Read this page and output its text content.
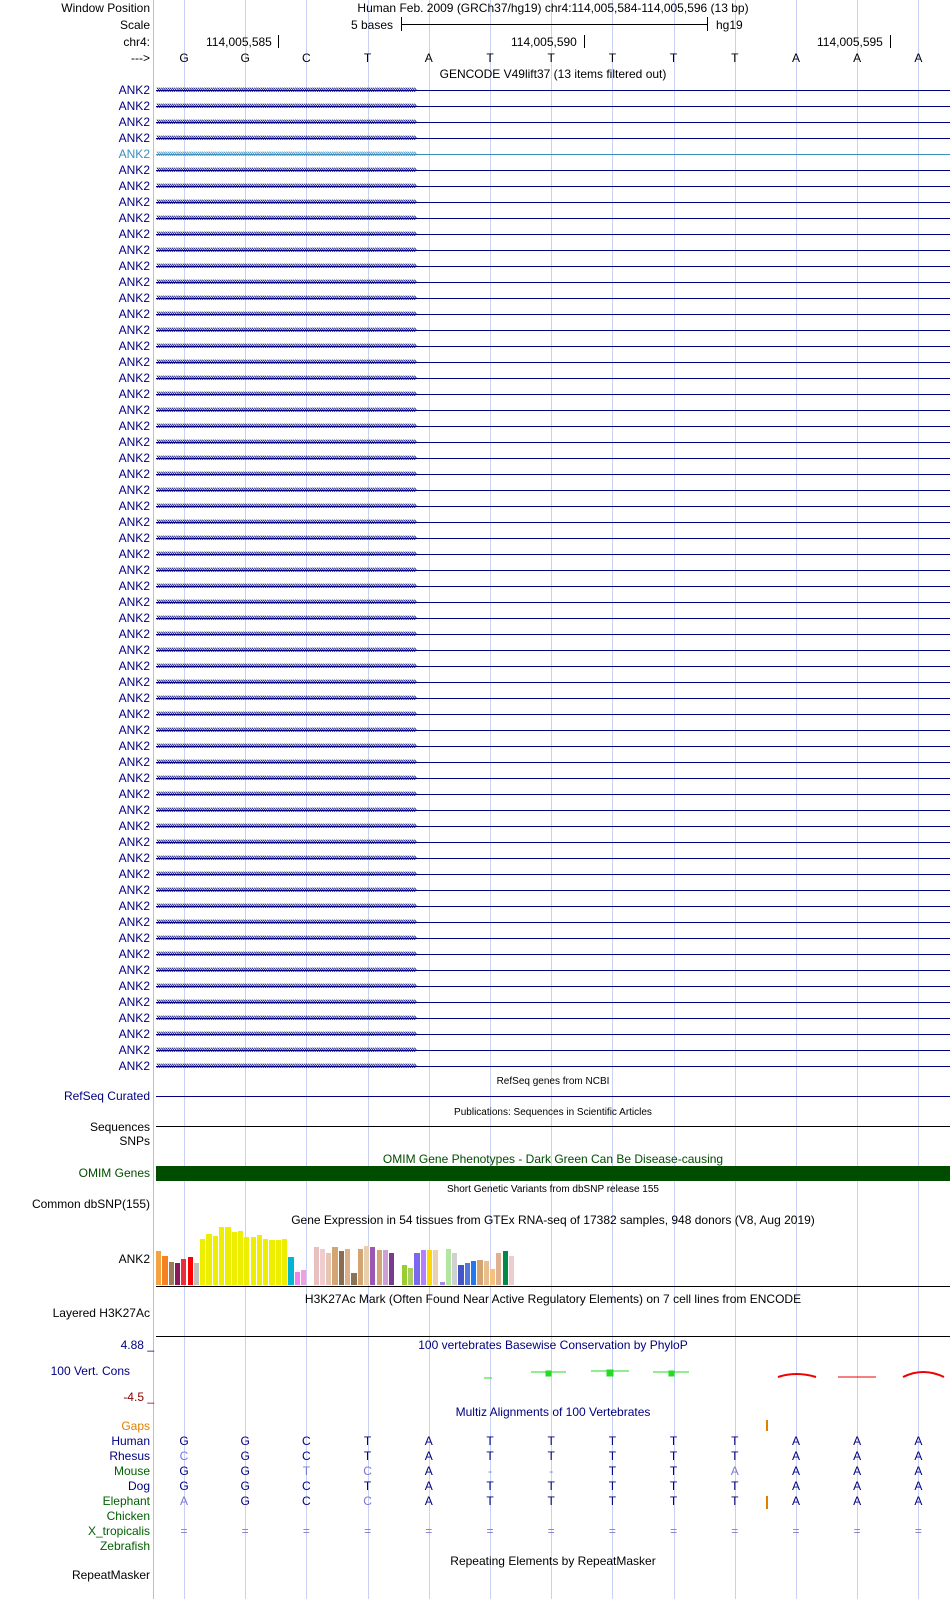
Window Position	Human Feb. 2009 (GRCh37/hg19) chr4:114,005,584-114,005,596 (13 bp)
Scale	5 bases	hg19
chr4:	114,005,585	114,005,590	114,005,595
--->	G	G	C	T	A	T	T	T	T	T	A	A	A
GENCODE V49lift37 (13 items filtered out)
ANK2 ››››››››››››››››››››››››››››››››››››››››››››››››››››››››››››››››››››››››››››››››››››››››››››››››››››››››››››››››››››››››
ANK2 ››››››››››››››››››››››››››››››››››››››››››››››››››››››››››››››››››››››››››››››››››››››››››››››››››››››››››››››››››››››››
ANK2 ››››››››››››››››››››››››››››››››››››››››››››››››››››››››››››››››››››››››››››››››››››››››››››››››››››››››››››››››››››››››
ANK2 ››››››››››››››››››››››››››››››››››››››››››››››››››››››››››››››››››››››››››››››››››››››››››››››››››››››››››››››››››››››››
ANK2 ››››››››››››››››››››››››››››››››››››››››››››››››››››››››››››››››››››››››››››››››››››››››››››››››››››››››››››››››››››››››
ANK2 ››››››››››››››››››››››››››››››››››››››››››››››››››››››››››››››››››››››››››››››››››››››››››››››››››››››››››››››››››››››››
ANK2 ››››››››››››››››››››››››››››››››››››››››››››››››››››››››››››››››››››››››››››››››››››››››››››››››››››››››››››››››››››››››
ANK2 ››››››››››››››››››››››››››››››››››››››››››››››››››››››››››››››››››››››››››››››››››››››››››››››››››››››››››››››››››››››››
ANK2 ››››››››››››››››››››››››››››››››››››››››››››››››››››››››››››››››››››››››››››››››››››››››››››››››››››››››››››››››››››››››
ANK2 ››››››››››››››››››››››››››››››››››››››››››››››››››››››››››››››››››››››››››››››››››››››››››››››››››››››››››››››››››››››››
ANK2 ››››››››››››››››››››››››››››››››››››››››››››››››››››››››››››››››››››››››››››››››››››››››››››››››››››››››››››››››››››››››
ANK2 ››››››››››››››››››››››››››››››››››››››››››››››››››››››››››››››››››››››››››››››››››››››››››››››››››››››››››››››››››››››››
ANK2 ››››››››››››››››››››››››››››››››››››››››››››››››››››››››››››››››››››››››››››››››››››››››››››››››››››››››››››››››››››››››
ANK2 ››››››››››››››››››››››››››››››››››››››››››››››››››››››››››››››››››››››››››››››››››››››››››››››››››››››››››››››››››››››››
ANK2 ››››››››››››››››››››››››››››››››››››››››››››››››››››››››››››››››››››››››››››››››››››››››››››››››››››››››››››››››››››››››
ANK2 ››››››››››››››››››››››››››››››››››››››››››››››››››››››››››››››››››››››››››››››››››››››››››››››››››››››››››››››››››››››››
ANK2 ››››››››››››››››››››››››››››››››››››››››››››››››››››››››››››››››››››››››››››››››››››››››››››››››››››››››››››››››››››››››
ANK2 ››››››››››››››››››››››››››››››››››››››››››››››››››››››››››››››››››››››››››››››››››››››››››››››››››››››››››››››››››››››››
ANK2 ››››››››››››››››››››››››››››››››››››››››››››››››››››››››››››››››››››››››››››››››››››››››››››››››››››››››››››››››››››››››
ANK2 ››››››››››››››››››››››››››››››››››››››››››››››››››››››››››››››››››››››››››››››››››››››››››››››››››››››››››››››››››››››››
ANK2 ››››››››››››››››››››››››››››››››››››››››››››››››››››››››››››››››››››››››››››››››››››››››››››››››››››››››››››››››››››››››
ANK2 ››››››››››››››››››››››››››››››››››››››››››››››››››››››››››››››››››››››››››››››››››››››››››››››››››››››››››››››››››››››››
ANK2 ››››››››››››››››››››››››››››››››››››››››››››››››››››››››››››››››››››››››››››››››››››››››››››››››››››››››››››››››››››››››
ANK2 ››››››››››››››››››››››››››››››››››››››››››››››››››››››››››››››››››››››››››››››››››››››››››››››››››››››››››››››››››››››››
ANK2 ››››››››››››››››››››››››››››››››››››››››››››››››››››››››››››››››››››››››››››››››››››››››››››››››››››››››››››››››››››››››
ANK2 ››››››››››››››››››››››››››››››››››››››››››››››››››››››››››››››››››››››››››››››››››››››››››››››››››››››››››››››››››››››››
ANK2 ››››››››››››››››››››››››››››››››››››››››››››››››››››››››››››››››››››››››››››››››››››››››››››››››››››››››››››››››››››››››
ANK2 ››››››››››››››››››››››››››››››››››››››››››››››››››››››››››››››››››››››››››››››››››››››››››››››››››››››››››››››››››››››››
ANK2 ››››››››››››››››››››››››››››››››››››››››››››››››››››››››››››››››››››››››››››››››››››››››››››››››››››››››››››››››››››››››
ANK2 ››››››››››››››››››››››››››››››››››››››››››››››››››››››››››››››››››››››››››››››››››››››››››››››››››››››››››››››››››››››››
ANK2 ››››››››››››››››››››››››››››››››››››››››››››››››››››››››››››››››››››››››››››››››››››››››››››››››››››››››››››››››››››››››
ANK2 ››››››››››››››››››››››››››››››››››››››››››››››››››››››››››››››››››››››››››››››››››››››››››››››››››››››››››››››››››››››››
ANK2 ››››››››››››››››››››››››››››››››››››››››››››››››››››››››››››››››››››››››››››››››››››››››››››››››››››››››››››››››››››››››
ANK2 ››››››››››››››››››››››››››››››››››››››››››››››››››››››››››››››››››››››››››››››››››››››››››››››››››››››››››››››››››››››››
ANK2 ››››››››››››››››››››››››››››››››››››››››››››››››››››››››››››››››››››››››››››››››››››››››››››››››››››››››››››››››››››››››
ANK2 ››››››››››››››››››››››››››››››››››››››››››››››››››››››››››››››››››››››››››››››››››››››››››››››››››››››››››››››››››››››››
ANK2 ››››››››››››››››››››››››››››››››››››››››››››››››››››››››››››››››››››››››››››››››››››››››››››››››››››››››››››››››››››››››
ANK2 ››››››››››››››››››››››››››››››››››››››››››››››››››››››››››››››››››››››››››››››››››››››››››››››››››››››››››››››››››››››››
ANK2 ››››››››››››››››››››››››››››››››››››››››››››››››››››››››››››››››››››››››››››››››››››››››››››››››››››››››››››››››››››››››
ANK2 ››››››››››››››››››››››››››››››››››››››››››››››››››››››››››››››››››››››››››››››››››››››››››››››››››››››››››››››››››››››››
ANK2 ››››››››››››››››››››››››››››››››››››››››››››››››››››››››››››››››››››››››››››››››››››››››››››››››››››››››››››››››››››››››
ANK2 ››››››››››››››››››››››››››››››››››››››››››››››››››››››››››››››››››››››››››››››››››››››››››››››››››››››››››››››››››››››››
ANK2 ››››››››››››››››››››››››››››››››››››››››››››››››››››››››››››››››››››››››››››››››››››››››››››››››››››››››››››››››››››››››
ANK2 ››››››››››››››››››››››››››››››››››››››››››››››››››››››››››››››››››››››››››››››››››››››››››››››››››››››››››››››››››››››››
ANK2 ››››››››››››››››››››››››››››››››››››››››››››››››››››››››››››››››››››››››››››››››››››››››››››››››››››››››››››››››››››››››
ANK2 ››››››››››››››››››››››››››››››››››››››››››››››››››››››››››››››››››››››››››››››››››››››››››››››››››››››››››››››››››››››››
ANK2 ››››››››››››››››››››››››››››››››››››››››››››››››››››››››››››››››››››››››››››››››››››››››››››››››››››››››››››››››››››››››
ANK2 ››››››››››››››››››››››››››››››››››››››››››››››››››››››››››››››››››››››››››››››››››››››››››››››››››››››››››››››››››››››››
ANK2 ››››››››››››››››››››››››››››››››››››››››››››››››››››››››››››››››››››››››››››››››››››››››››››››››››››››››››››››››››››››››
ANK2 ››››››››››››››››››››››››››››››››››››››››››››››››››››››››››››››››››››››››››››››››››››››››››››››››››››››››››››››››››››››››
ANK2 ››››››››››››››››››››››››››››››››››››››››››››››››››››››››››››››››››››››››››››››››››››››››››››››››››››››››››››››››››››››››
ANK2 ››››››››››››››››››››››››››››››››››››››››››››››››››››››››››››››››››››››››››››››››››››››››››››››››››››››››››››››››››››››››
ANK2 ››››››››››››››››››››››››››››››››››››››››››››››››››››››››››››››››››››››››››››››››››››››››››››››››››››››››››››››››››››››››
ANK2 ››››››››››››››››››››››››››››››››››››››››››››››››››››››››››››››››››››››››››››››››››››››››››››››››››››››››››››››››››››››››
ANK2 ››››››››››››››››››››››››››››››››››››››››››››››››››››››››››››››››››››››››››››››››››››››››››››››››››››››››››››››››››››››››
ANK2 ››››››››››››››››››››››››››››››››››››››››››››››››››››››››››››››››››››››››››››››››››››››››››››››››››››››››››››››››››››››››
ANK2 ››››››››››››››››››››››››››››››››››››››››››››››››››››››››››››››››››››››››››››››››››››››››››››››››››››››››››››››››››››››››
ANK2 ››››››››››››››››››››››››››››››››››››››››››››››››››››››››››››››››››››››››››››››››››››››››››››››››››››››››››››››››››››››››
ANK2 ››››››››››››››››››››››››››››››››››››››››››››››››››››››››››››››››››››››››››››››››››››››››››››››››››››››››››››››››››››››››
ANK2 ››››››››››››››››››››››››››››››››››››››››››››››››››››››››››››››››››››››››››››››››››››››››››››››››››››››››››››››››››››››››
ANK2 ››››››››››››››››››››››››››››››››››››››››››››››››››››››››››››››››››››››››››››››››››››››››››››››››››››››››››››››››››››››››
ANK2 ››››››››››››››››››››››››››››››››››››››››››››››››››››››››››››››››››››››››››››››››››››››››››››››››››››››››››››››››››››››››
RefSeq genes from NCBI
RefSeq Curated
Publications: Sequences in Scientific Articles
Sequences
SNPs
OMIM Gene Phenotypes - Dark Green Can Be Disease-causing
OMIM Genes
Short Genetic Variants from dbSNP release 155
Common dbSNP(155)
Gene Expression in 54 tissues from GTEx RNA-seq of 17382 samples, 948 donors (V8, Aug 2019)
ANK2
H3K27Ac Mark (Often Found Near Active Regulatory Elements) on 7 cell lines from ENCODE
Layered H3K27Ac
100 vertebrates Basewise Conservation by PhyloP
4.88 _
100 Vert. Cons
-4.5 _
Multiz Alignments of 100 Vertebrates
Gaps
Human	G	G	C	T	A	T	T	T	T	T	A	A	A
Rhesus	C	G	C	T	A	T	T	T	T	T	A	A	A
Mouse	G	G	T	C	A	-	-	T	T	A	A	A	A
Dog	G	G	C	T	A	T	T	T	T	T	A	A	A
Elephant	A	G	C	C	A	T	T	T	T	T	A	A	A
Chicken
X_tropicalis	=	=	=	=	=	=	=	=	=	=	=	=	=
Zebrafish
Repeating Elements by RepeatMasker
RepeatMasker
